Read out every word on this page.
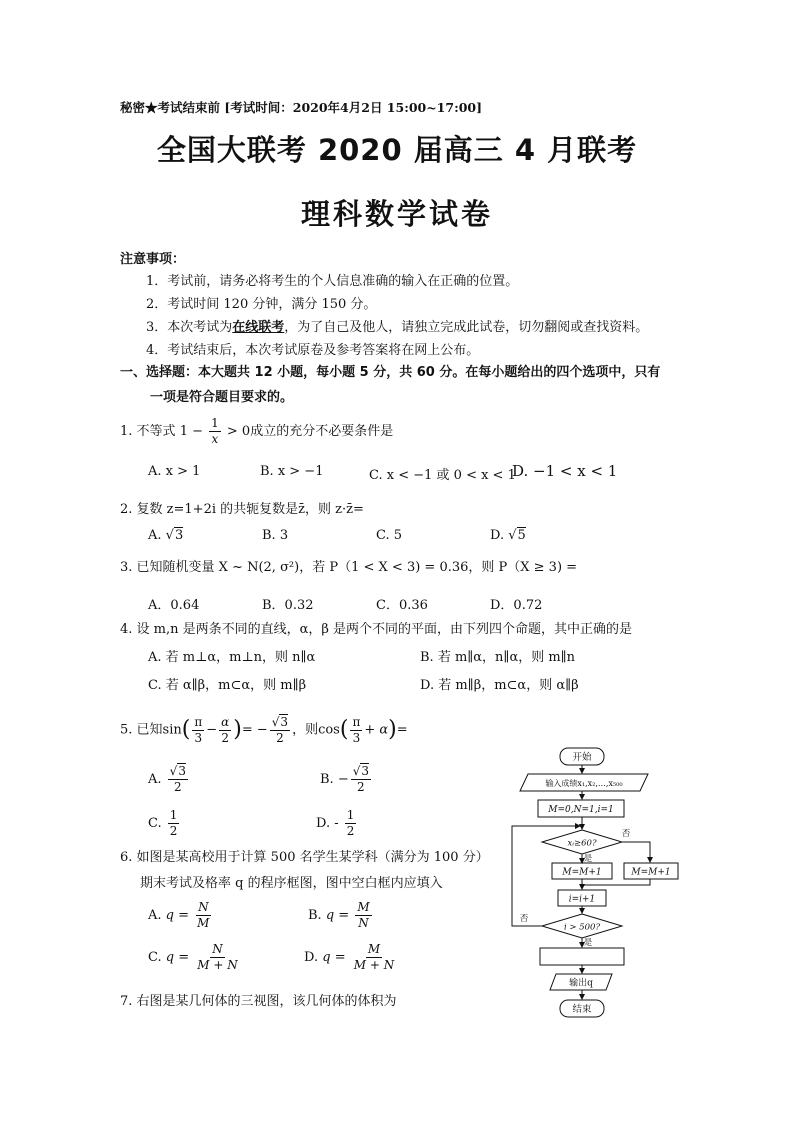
秘密★考试结束前 [考试时间：2020年4月2日 15:00~17:00]
全国大联考 2020 届高三 4 月联考
理科数学试卷
注意事项：
1．考试前，请务必将考生的个人信息准确的输入在正确的位置。
2．考试时间 120 分钟，满分 150 分。
3．本次考试为在线联考，为了自己及他人，请独立完成此试卷，切勿翻阅或查找资料。
4．考试结束后，本次考试原卷及参考答案将在网上公布。
一、选择题：本大题共 12 小题，每小题 5 分，共 60 分。在每小题给出的四个选项中，只有
一项是符合题目要求的。
1. 不等式 $1 - \frac{1}{x} > 0$成立的充分不必要条件是
A. x > 1	B. x > −1	C. x < −1 或 0 < x < 1
D. −1 < x < 1
2. 复数 z=1+2i 的共轭复数是z̄，则 z·z̄=
A. √3	B. 3	C. 5	D. √5
3. 已知随机变量 X ~ N(2, σ²)，若 P（1 < X < 3) = 0.36，则 P（X ≥ 3) =
A．0.64	B．0.32	C．0.36	D．0.72
4. 设 m,n 是两条不同的直线，α，β 是两个不同的平面，由下列四个命题，其中正确的是
A. 若 m⊥α，m⊥n，则 n∥α	B. 若 m∥α，n∥α，则 m∥n
C. 若 α∥β，m⊂α，则 m∥β	D. 若 m∥β，m⊂α，则 α∥β
5. 已知$\sin( \frac{\pi}{3} - \frac{\alpha}{2}$ )= − $\frac{√3}{2}$ ，则$\cos( \frac{\pi}{3} + \alpha)=$
A. $\frac{√3}{2}$	B. − $\frac{√3}{2}$
C. $\frac{1}{2}$	D. - $\frac{1}{2}$
6. 如图是某高校用于计算 500 名学生某学科（满分为 100 分）
期末考试及格率 q 的程序框图，图中空白框内应填入
A. $q = \frac{N}{M}$	B. $q = \frac{M}{N}$
C. $q = \frac{N}{M + N}$	D. $q = \frac{M}{M + N}$
7. 右图是某几何体的三视图，该几何体的体积为
开始
输入成绩x₁,x₂,…,x₅₀₀
M=0,N=1,i=1
xᵢ≥60?
是
否
M=M+1	M=M+1
i=i+1
i > 500?
否
是
输出q
结束
